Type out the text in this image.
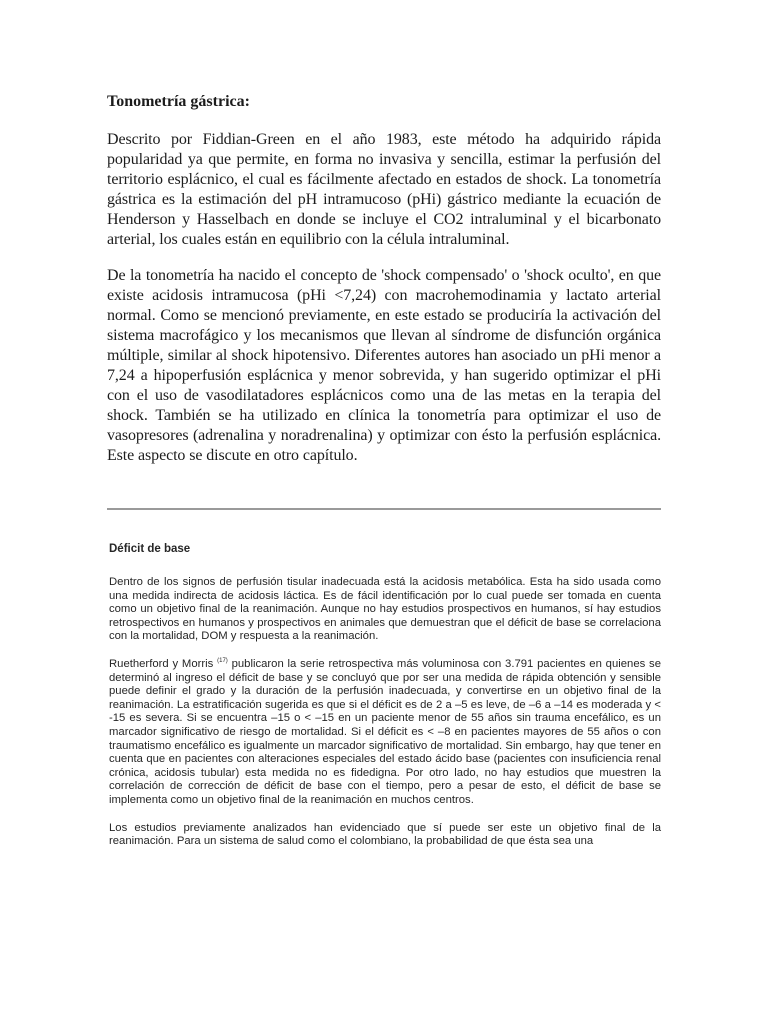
Tonometría gástrica:

Descrito por Fiddian-Green en el año 1983, este método ha adquirido rápida popularidad ya que permite, en forma no invasiva y sencilla, estimar la perfusión del territorio esplácnico, el cual es fácilmente afectado en estados de shock. La tonometría gástrica es la estimación del pH intramucoso (pHi) gástrico mediante la ecuación de Henderson y Hasselbach en donde se incluye el CO2 intraluminal y el bicarbonato arterial, los cuales están en equilibrio con la célula intraluminal.

De la tonometría ha nacido el concepto de 'shock compensado' o 'shock oculto', en que existe acidosis intramucosa (pHi <7,24) con macrohemodinamia y lactato arterial normal. Como se mencionó previamente, en este estado se produciría la activación del sistema macrofágico y los mecanismos que llevan al síndrome de disfunción orgánica múltiple, similar al shock hipotensivo. Diferentes autores han asociado un pHi menor a 7,24 a hipoperfusión esplácnica y menor sobrevida, y han sugerido optimizar el pHi con el uso de vasodilatadores esplácnicos como una de las metas en la terapia del shock. También se ha utilizado en clínica la tonometría para optimizar el uso de vasopresores (adrenalina y noradrenalina) y optimizar con ésto la perfusión esplácnica. Este aspecto se discute en otro capítulo.

Déficit de base

Dentro de los signos de perfusión tisular inadecuada está la acidosis metabólica. Esta ha sido usada como una medida indirecta de acidosis láctica. Es de fácil identificación por lo cual puede ser tomada en cuenta como un objetivo final de la reanimación. Aunque no hay estudios prospectivos en humanos, sí hay estudios retrospectivos en humanos y prospectivos en animales que demuestran que el déficit de base se correlaciona con la mortalidad, DOM y respuesta a la reanimación.

Ruetherford y Morris $^{(17)}$ publicaron la serie retrospectiva más voluminosa con 3.791 pacientes en quienes se determinó al ingreso el déficit de base y se concluyó que por ser una medida de rápida obtención y sensible puede definir el grado y la duración de la perfusión inadecuada, y convertirse en un objetivo final de la reanimación. La estratificación sugerida es que si el déficit es de 2 a –5 es leve, de –6 a –14 es moderada y < -15 es severa. Si se encuentra –15 o < –15 en un paciente menor de 55 años sin trauma encefálico, es un marcador significativo de riesgo de mortalidad. Si el déficit es < –8 en pacientes mayores de 55 años o con traumatismo encefálico es igualmente un marcador significativo de mortalidad. Sin embargo, hay que tener en cuenta que en pacientes con alteraciones especiales del estado ácido base (pacientes con insuficiencia renal crónica, acidosis tubular) esta medida no es fidedigna. Por otro lado, no hay estudios que muestren la correlación de corrección de déficit de base con el tiempo, pero a pesar de esto, el déficit de base se implementa como un objetivo final de la reanimación en muchos centros.

Los estudios previamente analizados han evidenciado que sí puede ser este un objetivo final de la reanimación. Para un sistema de salud como el colombiano, la probabilidad de que ésta sea una
